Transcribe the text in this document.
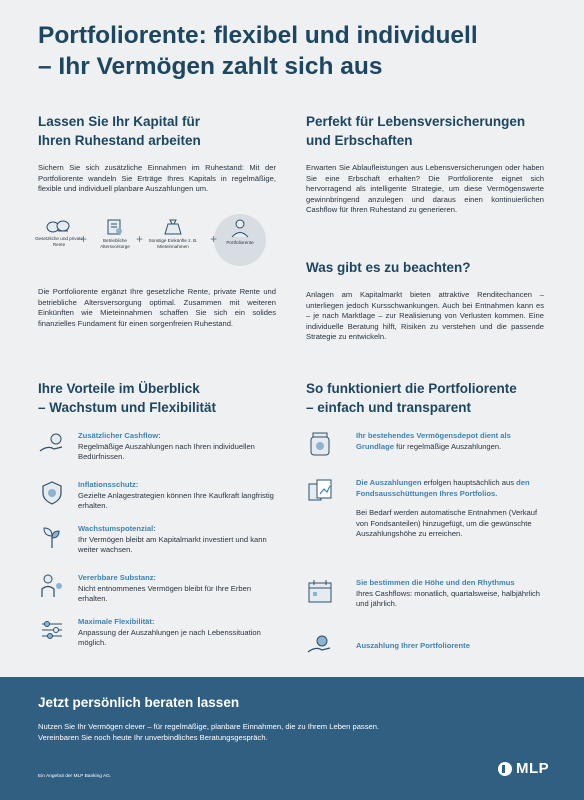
Portfoliorente: flexibel und individuell
– Ihr Vermögen zahlt sich aus
Lassen Sie Ihr Kapital für
Ihren Ruhestand arbeiten

Sichern Sie sich zusätzliche Einnahmen im Ruhestand: Mit der Portfoliorente wandeln Sie Erträge Ihres Kapitals in regelmäßige, flexible und individuell planbare Auszahlungen um.

Gesetzliche und private Rente	+	Betriebliche Altersvorsorge
+	Sonstige Einkünfte z. B. Mieteinnahmen
+	Portfoliorente

Die Portfoliorente ergänzt Ihre gesetzliche Rente, private Rente und betriebliche Altersversorgung optimal. Zusammen mit weiteren Einkünften wie Mieteinnahmen schaffen Sie sich ein solides finanzielles Fundament für einen sorgenfreien Ruhestand.

Perfekt für Lebensversicherungen
und Erbschaften

Erwarten Sie Ablaufleistungen aus Lebensversicherungen oder haben Sie eine Erbschaft erhalten? Die Portfoliorente eignet sich hervorragend als intelligente Strategie, um diese Vermögenswerte gewinnbringend anzulegen und daraus einen kontinuierlichen Cashflow für Ihren Ruhestand zu generieren.

Was gibt es zu beachten?

Anlagen am Kapitalmarkt bieten attraktive Renditechancen – unterliegen jedoch Kursschwankungen. Auch bei Entnahmen kann es – je nach Marktlage – zur Realisierung von Verlusten kommen. Eine individuelle Beratung hilft, Risiken zu verstehen und die passende Strategie zu entwickeln.

Ihre Vorteile im Überblick
– Wachstum und Flexibilität
Zusätzlicher Cashflow:
Regelmäßige Auszahlungen nach Ihren individuellen Bedürfnissen.
Inflationsschutz:
Gezielte Anlagestrategien können Ihre Kaufkraft langfristig erhalten.
Wachstumspotenzial:
Ihr Vermögen bleibt am Kapitalmarkt investiert und kann weiter wachsen.
Vererbbare Substanz:
Nicht entnommenes Vermögen bleibt für Ihre Erben erhalten.
Maximale Flexibilität:
Anpassung der Auszahlungen je nach Lebenssituation möglich.
So funktioniert die Portfoliorente
– einfach und transparent
Ihr bestehendes Vermögensdepot dient als Grundlage für regelmäßige Auszahlungen.
Die Auszahlungen erfolgen hauptsächlich aus den Fondsausschüttungen Ihres Portfolios.
Bei Bedarf werden automatische Entnahmen (Verkauf von Fondsanteilen) hinzugefügt, um die gewünschte Auszahlungshöhe zu erreichen.
Sie bestimmen die Höhe und den Rhythmus
Ihres Cashflows: monatlich, quartalsweise, halbjährlich und jährlich.
Auszahlung Ihrer Portfoliorente
Jetzt persönlich beraten lassen

Nutzen Sie Ihr Vermögen clever – für regelmäßige, planbare Einnahmen, die zu Ihrem Leben passen. Vereinbaren Sie noch heute Ihr unverbindliches Beratungsgespräch.

Ein Angebot der MLP Banking AG.	MLP
